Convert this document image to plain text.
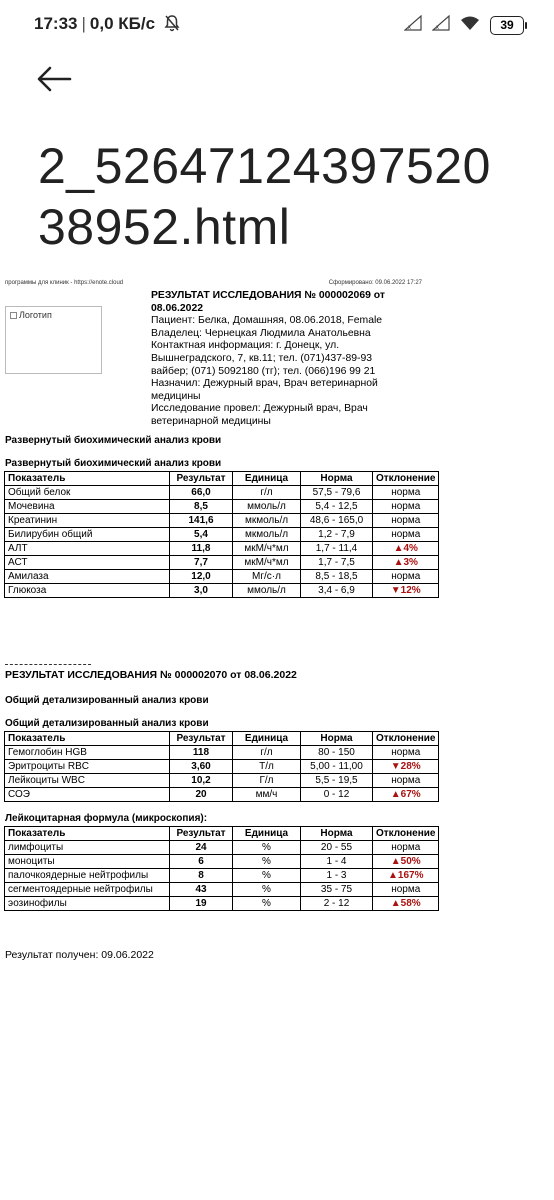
17:33 | 0,0 КБ/с	x	x	39
2_5264712439752038952.html
программы для клиник - https://enote.cloud	Сформировано: 09.06.2022 17:27
Логотип
РЕЗУЛЬТАТ ИССЛЕДОВАНИЯ № 000002069 от 08.06.2022
Пациент: Белка, Домашняя, 08.06.2018, Female
Владелец: Чернецкая Людмила Анатольевна
Контактная информация: г. Донецк, ул. Вышнеградского, 7, кв.11; тел. (071)437-89-93 вайбер; (071) 5092180 (тг); тел. (066)196 99 21
Назначил: Дежурный врач, Врач ветеринарной медицины
Исследование провел: Дежурный врач, Врач ветеринарной медицины
Развернутый биохимический анализ крови
Развернутый биохимический анализ крови
Показатель	Результат	Единица	Норма	Отклонение
Общий белок	66,0	г/л	57,5 - 79,6	норма
Мочевина	8,5	ммоль/л	5,4 - 12,5	норма
Креатинин	141,6	мкмоль/л	48,6 - 165,0	норма
Билирубин общий	5,4	мкмоль/л	1,2 - 7,9	норма
АЛТ	11,8	мкМ/ч*мл	1,7 - 11,4	▲4%
АСТ	7,7	мкМ/ч*мл	1,7 - 7,5	▲3%
Амилаза	12,0	Мг/с·л	8,5 - 18,5	норма
Глюкоза	3,0	ммоль/л	3,4 - 6,9	▼12%
РЕЗУЛЬТАТ ИССЛЕДОВАНИЯ № 000002070 от 08.06.2022
Общий детализированный анализ крови
Общий детализированный анализ крови
Показатель	Результат	Единица	Норма	Отклонение
Гемоглобин HGB	118	г/л	80 - 150	норма
Эритроциты RBC	3,60	Т/л	5,00 - 11,00	▼28%
Лейкоциты WBC	10,2	Г/л	5,5 - 19,5	норма
СОЭ	20	мм/ч	0 - 12	▲67%
Лейкоцитарная формула (микроскопия):
Показатель	Результат	Единица	Норма	Отклонение
лимфоциты	24	%	20 - 55	норма
моноциты	6	%	1 - 4	▲50%
палочкоядерные нейтрофилы	8	%	1 - 3	▲167%
сегментоядерные нейтрофилы	43	%	35 - 75	норма
эозинофилы	19	%	2 - 12	▲58%
Результат получен: 09.06.2022
